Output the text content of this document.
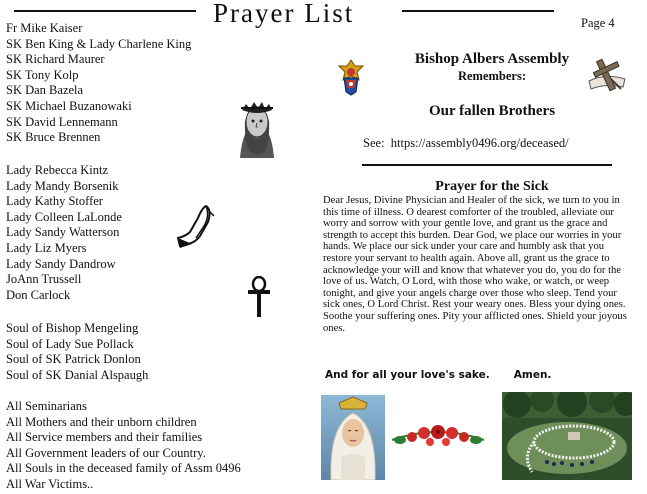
Prayer List	Page 4
Fr Mike Kaiser
SK Ben King & Lady Charlene King
SK Richard Maurer
SK Tony Kolp
SK Dan Bazela
SK Michael Buzanowaki
SK David Lennemann
SK Bruce Brennen
Lady Rebecca Kintz
Lady Mandy Borsenik
Lady Kathy Stoffer
Lady Colleen LaLonde
Lady Sandy Watterson
Lady Liz Myers
Lady Sandy Dandrow
JoAnn Trussell
Don Carlock
Soul of Bishop Mengeling
Soul of Lady Sue Pollack
Soul of SK Patrick Donlon
Soul of SK Danial Alspaugh
All Seminarians
All Mothers and their unborn children
All Service members and their families
All Government leaders of our Country.
All Souls in the deceased family of Assm 0496
All War Victims..
Bishop Albers Assembly
Remembers:
Our fallen Brothers
See: https://assembly0496.org/deceased/
Prayer for the Sick
Dear Jesus, Divine Physician and Healer of the sick, we turn to you in this time of illness. O dearest comforter of the troubled, alleviate our worry and sorrow with your gentle love, and grant us the grace and strength to accept this burden. Dear God, we place our worries in your hands. We place our sick under your care and humbly ask that you restore your servant to health again. Above all, grant us the grace to acknowledge your will and know that whatever you do, you do for the love of us. Watch, O Lord, with those who wake, or watch, or weep tonight, and give your angels charge over those who sleep. Tend your sick ones, O Lord Christ. Rest your weary ones. Bless your dying ones. Soothe your suffering ones. Pity your afflicted ones. Shield your joyous ones.
And for all your love's sake. Amen.
